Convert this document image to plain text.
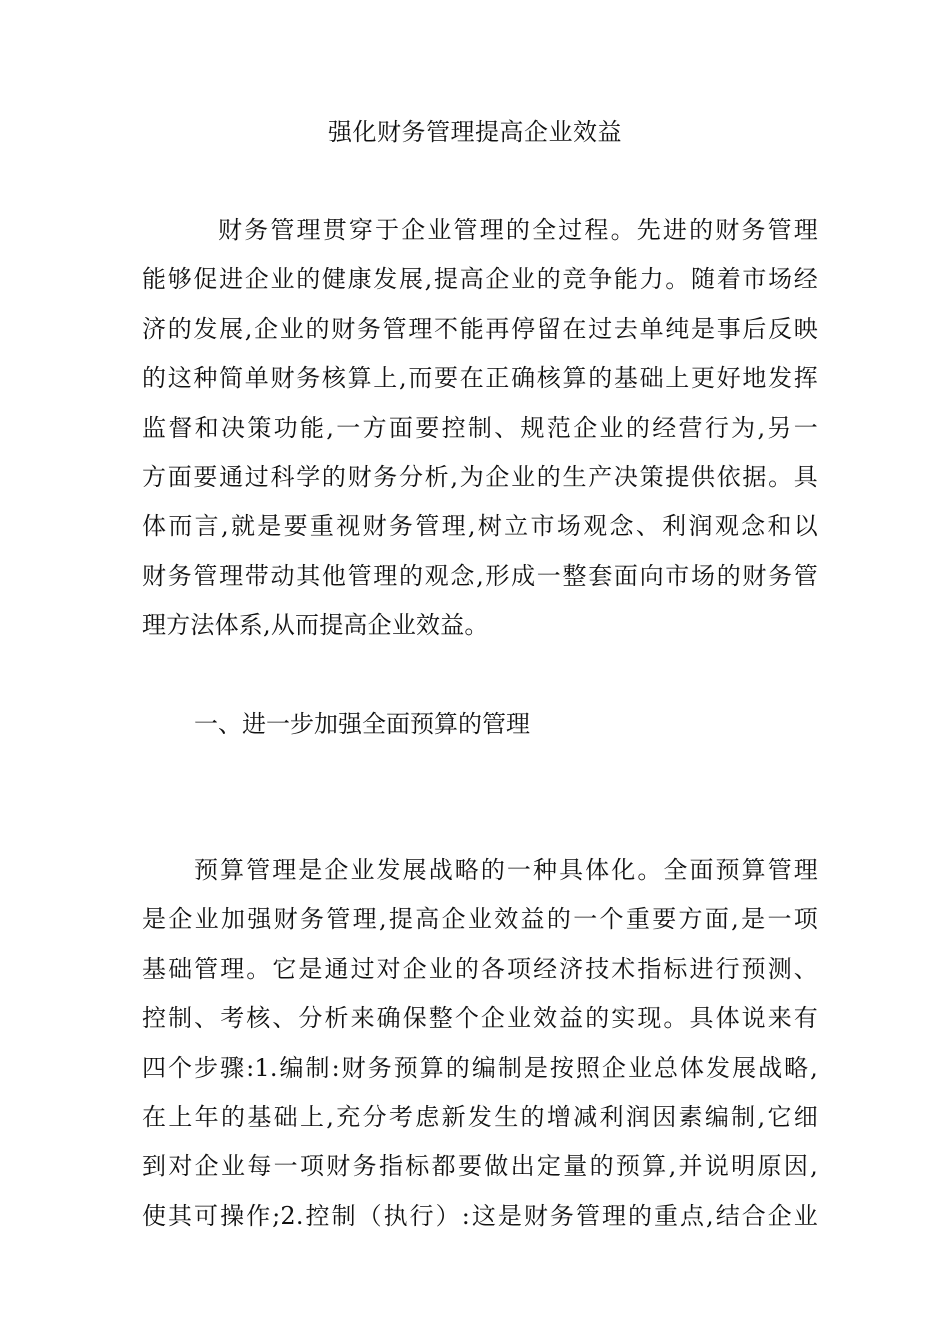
强化财务管理提高企业效益
财务管理贯穿于企业管理的全过程。先进的财务管理
能够促进企业的健康发展,提高企业的竞争能力。随着市场经
济的发展,企业的财务管理不能再停留在过去单纯是事后反映
的这种简单财务核算上,而要在正确核算的基础上更好地发挥
监督和决策功能,一方面要控制、规范企业的经营行为,另一
方面要通过科学的财务分析,为企业的生产决策提供依据。具
体而言,就是要重视财务管理,树立市场观念、利润观念和以
财务管理带动其他管理的观念,形成一整套面向市场的财务管
理方法体系,从而提高企业效益。
一、进一步加强全面预算的管理
预算管理是企业发展战略的一种具体化。全面预算管理
是企业加强财务管理,提高企业效益的一个重要方面,是一项
基础管理。它是通过对企业的各项经济技术指标进行预测、
控制、考核、分析来确保整个企业效益的实现。具体说来有
四个步骤:1.编制:财务预算的编制是按照企业总体发展战略,
在上年的基础上,充分考虑新发生的增减利润因素编制,它细
到对企业每一项财务指标都要做出定量的预算,并说明原因,
使其可操作;2.控制（执行）:这是财务管理的重点,结合企业
